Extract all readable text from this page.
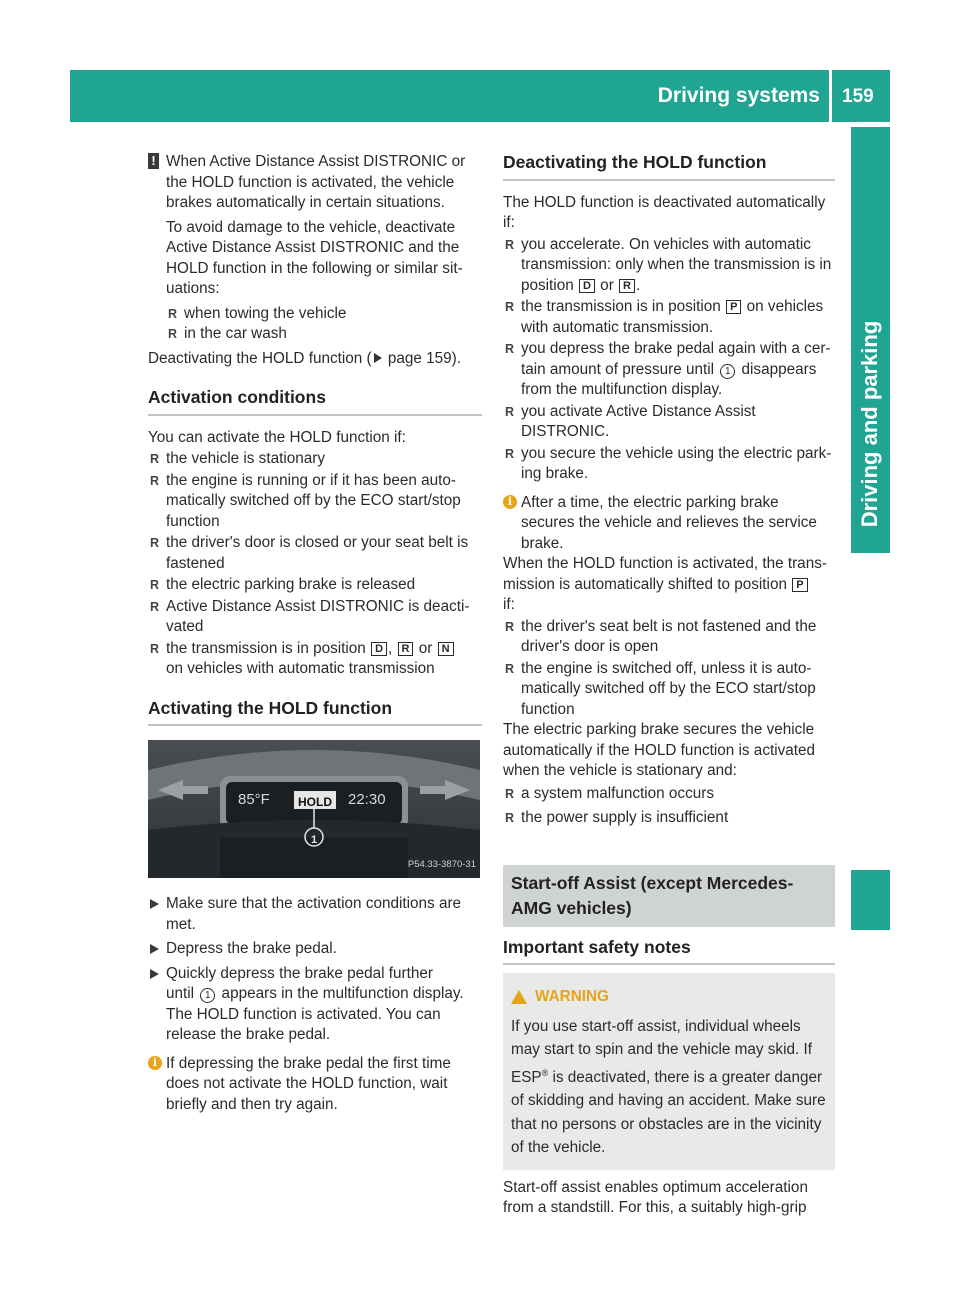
Driving systems 159
Driving and parking
! When Active Distance Assist DISTRONIC or

the HOLD function is activated, the vehicle

brakes automatically in certain situations.

To avoid damage to the vehicle, deactivate

Active Distance Assist DISTRONIC and the

HOLD function in the following or similar sit-

uations:

R when towing the vehicle

R in the car wash

Deactivating the HOLD function ( page 159).

Activation conditions

You can activate the HOLD function if:

R the vehicle is stationary

R the engine is running or if it has been auto-

matically switched off by the ECO start/stop

function

R the driver's door is closed or your seat belt is

fastened

R the electric parking brake is released

R Active Distance Assist DISTRONIC is deacti-

vated

R the transmission is in position D , R or N

on vehicles with automatic transmission

Activating the HOLD function

85°F	HOLD 22:30
1
P54.33-3870-31

Make sure that the activation conditions are

met.

Depress the brake pedal.

Quickly depress the brake pedal further

until 1 appears in the multifunction display.

The HOLD function is activated. You can

release the brake pedal.

i If depressing the brake pedal the first time

does not activate the HOLD function, wait

briefly and then try again.

Deactivating the HOLD function

The HOLD function is deactivated automatically

if:

R you accelerate. On vehicles with automatic

transmission: only when the transmission is in

position D or R .

R the transmission is in position P on vehicles

with automatic transmission.

R you depress the brake pedal again with a cer-

tain amount of pressure until 1 disappears

from the multifunction display.

R you activate Active Distance Assist

DISTRONIC.

R you secure the vehicle using the electric park-

ing brake.

i After a time, the electric parking brake

secures the vehicle and relieves the service

brake.

When the HOLD function is activated, the trans-

mission is automatically shifted to position P

if:

R the driver's seat belt is not fastened and the

driver's door is open

R the engine is switched off, unless it is auto-

matically switched off by the ECO start/stop

function

The electric parking brake secures the vehicle

automatically if the HOLD function is activated

when the vehicle is stationary and:

R a system malfunction occurs

R the power supply is insufficient

Start-off Assist (except Mercedes-
AMG vehicles)

Important safety notes

WARNING
If you use start-off assist, individual wheels
may start to spin and the vehicle may skid. If
ESP® is deactivated, there is a greater danger
of skidding and having an accident. Make sure
that no persons or obstacles are in the vicinity
of the vehicle.

Start-off assist enables optimum acceleration

from a standstill. For this, a suitably high-grip
